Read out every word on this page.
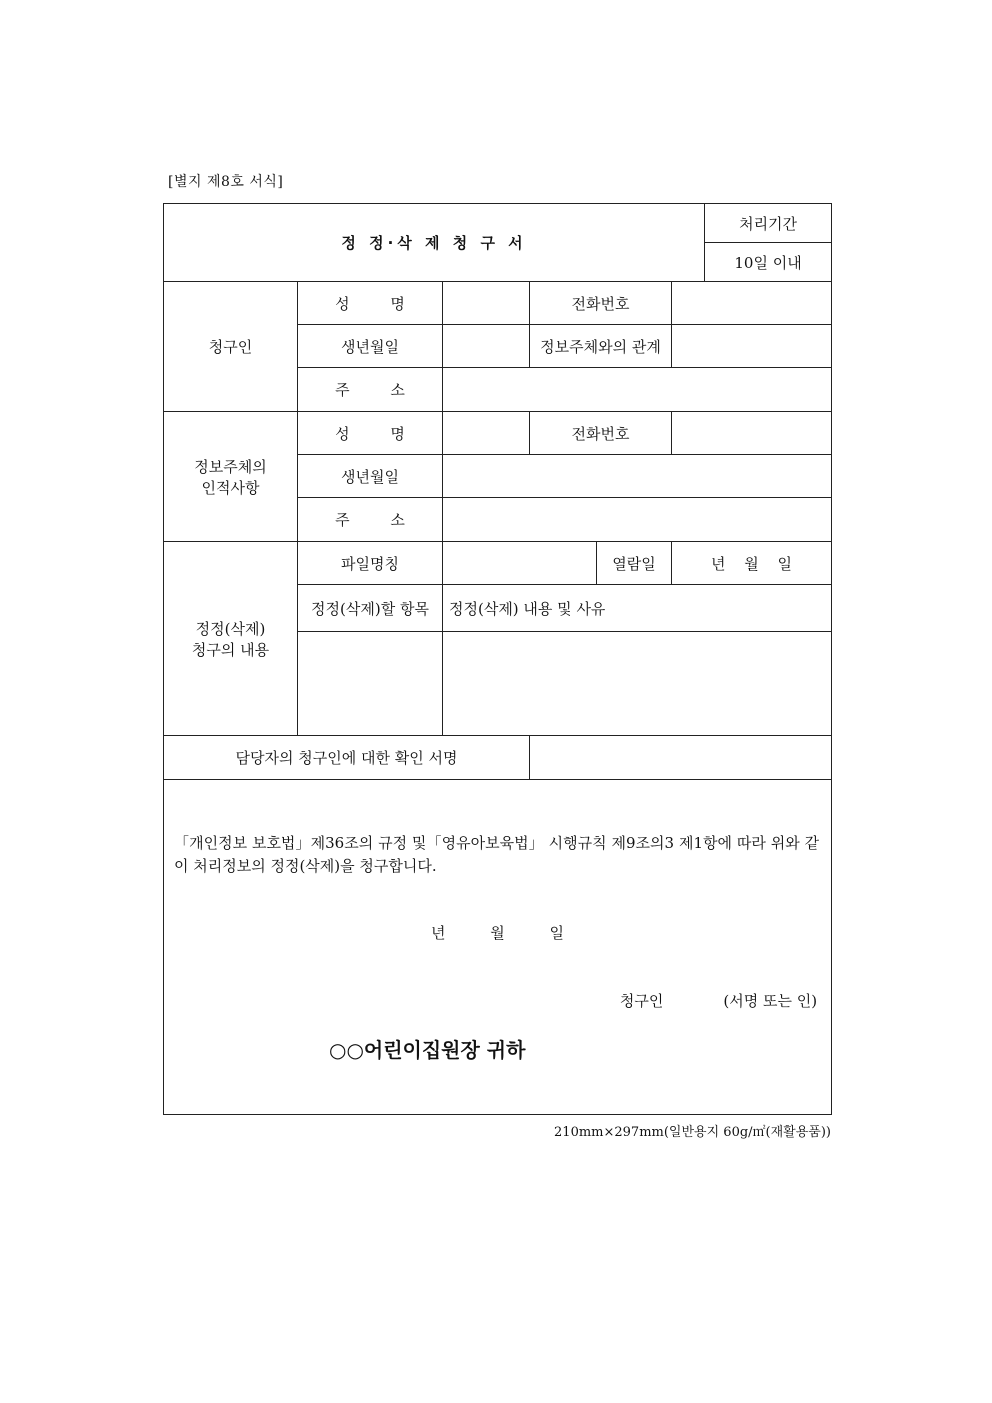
[별지 제8호 서식]
정 정·삭 제 청 구 서						처리기간
						10일 이내
청구인	성 명		전화번호			
	생년월일		정보주체와의 관계			
	주 소					
정보주체의
인적사항	성 명		전화번호			
	생년월일					
	주 소					
정정(삭제)
청구의 내용	파일명칭			열람일	년 월 일	
	정정(삭제)할 항목	정정(삭제) 내용 및 사유				

담당자의 청구인에 대한 확인 서명						

「개인정보 보호법」제36조의 규정 및「영유아보육법」 시행규칙 제9조의3 제1항에 따라 위와 같이 처리정보의 정정(삭제)을 청구합니다.
년 월 일
청구인 (서명 또는 인)
○○어린이집원장 귀하						
210mm×297mm(일반용지 60g/㎡(재활용품))
